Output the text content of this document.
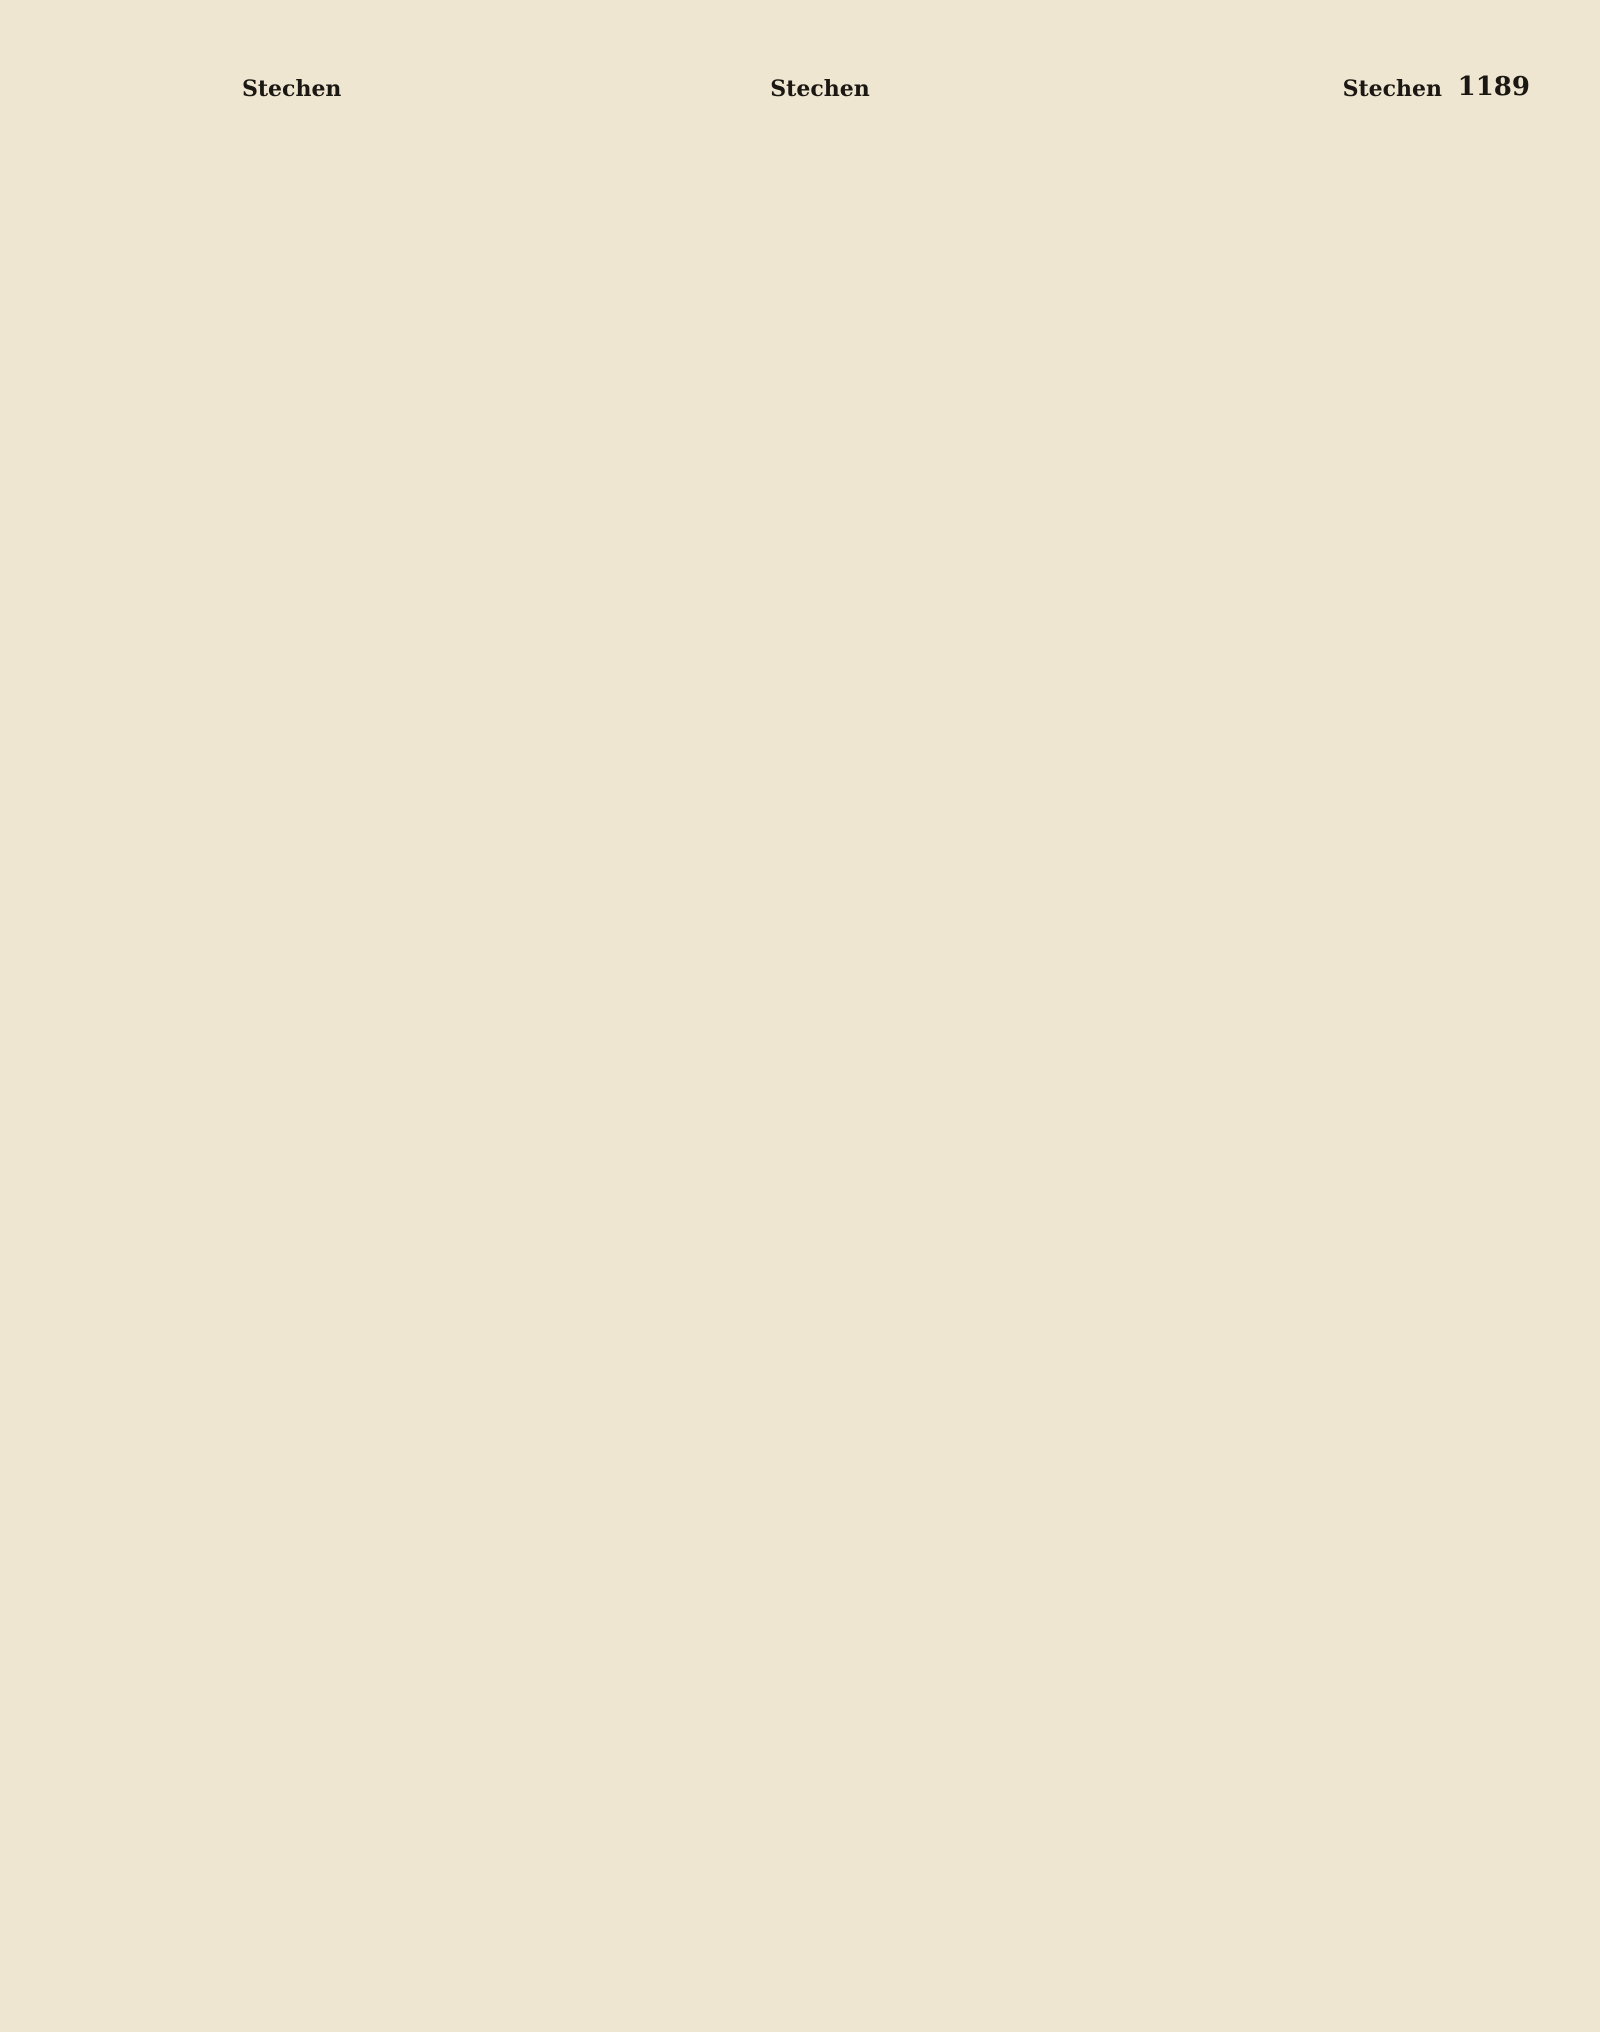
Stechen	Stechen	Stechen 1189
